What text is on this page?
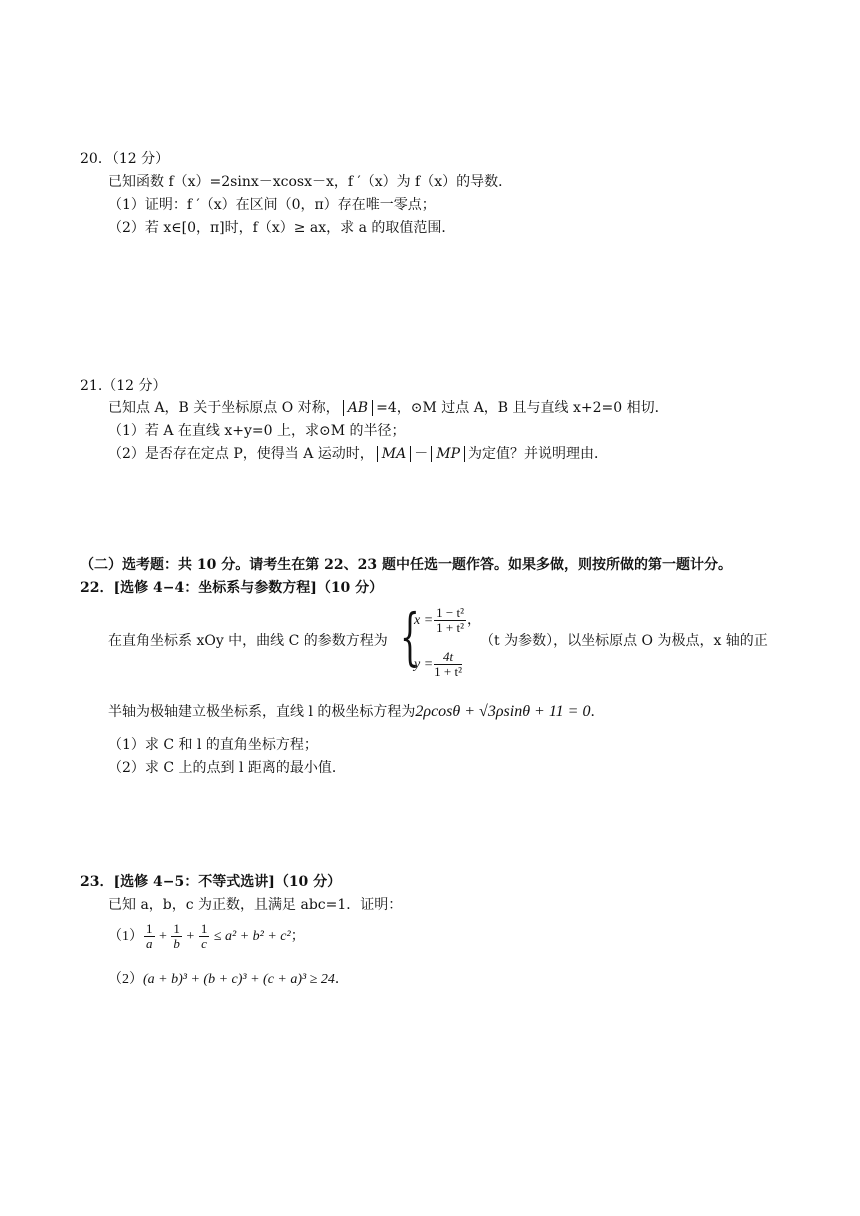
20．（12 分）
已知函数 f（x）=2sinx－xcosx－x，f ′（x）为 f（x）的导数．
（1）证明：f ′（x）在区间（0，π）存在唯一零点；
（2）若 x∈[0，π]时，f（x）≥ ax，求 a 的取值范围．
21.（12 分）
已知点 A，B 关于坐标原点 O 对称， AB =4，⊙M 过点 A，B 且与直线 x+2=0 相切．
（1）若 A 在直线 x+y=0 上，求⊙M 的半径；
（2）是否存在定点 P，使得当 A 运动时， MA － MP 为定值？并说明理由．
（二）选考题：共 10 分。请考生在第 22、23 题中任选一题作答。如果多做，则按所做的第一题计分。
22．[选修 4−4：坐标系与参数方程]（10 分）
在直角坐标系 xOy 中，曲线 C 的参数方程为 {
$x = \frac{\text{1 − t²}}{\text{1 + t²}}$ ，
$y = \frac{4t}{\text{1 + t²}}$
（t 为参数），以坐标原点 O 为极点，x 轴的正
半轴为极轴建立极坐标系，直线 l 的极坐标方程为2ρcosθ + √3ρsinθ + 11 = 0．
（1）求 C 和 l 的直角坐标方程；
（2）求 C 上的点到 l 距离的最小值．
23．[选修 4−5：不等式选讲]（10 分）
已知 a，b，c 为正数，且满足 abc=1．证明：
$(1) \frac{1}{a} + \frac{1}{b} + \frac{1}{c} \le a^2 + b^2 + c^2$；
（2）(a + b)³ + (b + c)³ + (c + a)³ ≥ 24．
